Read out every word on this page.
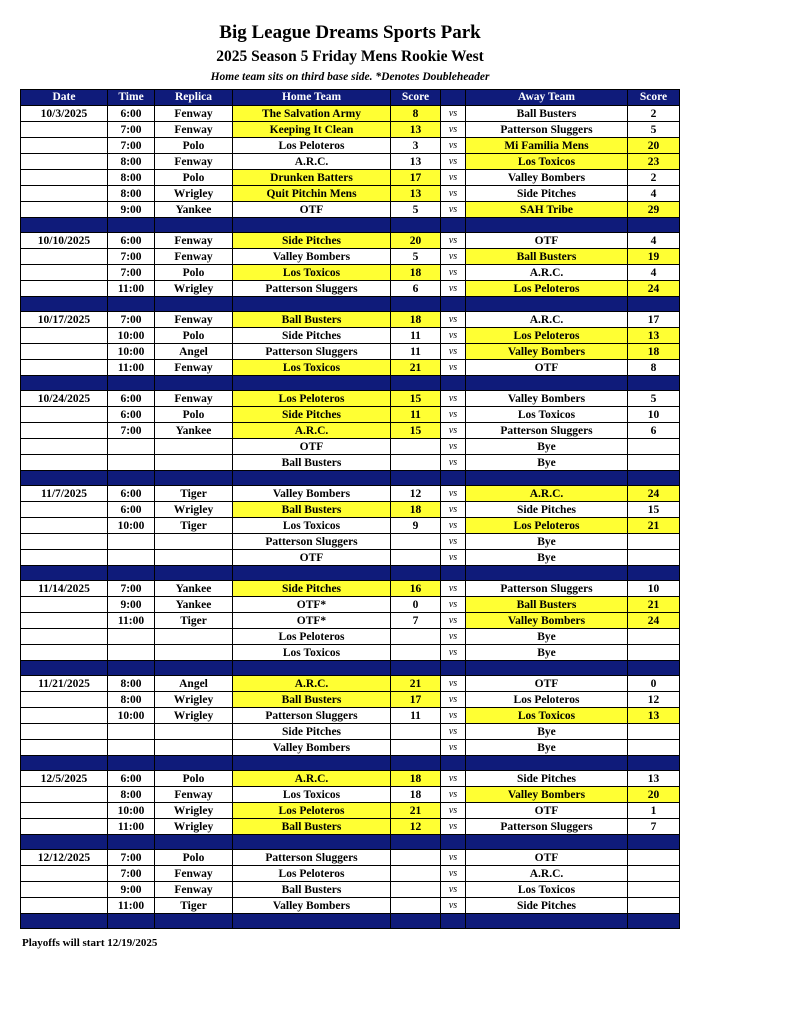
Big League Dreams Sports Park
2025 Season 5 Friday Mens Rookie West
Home team sits on third base side. *Denotes Doubleheader
Date	Time	Replica	Home Team	Score		Away Team	Score
10/3/2025	6:00	Fenway	The Salvation Army	8	vs	Ball Busters	2
	7:00	Fenway	Keeping It Clean	13	vs	Patterson Sluggers	5
	7:00	Polo	Los Peloteros	3	vs	Mi Familia Mens	20
	8:00	Fenway	A.R.C.	13	vs	Los Toxicos	23
	8:00	Polo	Drunken Batters	17	vs	Valley Bombers	2
	8:00	Wrigley	Quit Pitchin Mens	13	vs	Side Pitches	4
	9:00	Yankee	OTF	5	vs	SAH Tribe	29

10/10/2025	6:00	Fenway	Side Pitches	20	vs	OTF	4
	7:00	Fenway	Valley Bombers	5	vs	Ball Busters	19
	7:00	Polo	Los Toxicos	18	vs	A.R.C.	4
	11:00	Wrigley	Patterson Sluggers	6	vs	Los Peloteros	24

10/17/2025	7:00	Fenway	Ball Busters	18	vs	A.R.C.	17
	10:00	Polo	Side Pitches	11	vs	Los Peloteros	13
	10:00	Angel	Patterson Sluggers	11	vs	Valley Bombers	18
	11:00	Fenway	Los Toxicos	21	vs	OTF	8

10/24/2025	6:00	Fenway	Los Peloteros	15	vs	Valley Bombers	5
	6:00	Polo	Side Pitches	11	vs	Los Toxicos	10
	7:00	Yankee	A.R.C.	15	vs	Patterson Sluggers	6
			OTF		vs	Bye	
			Ball Busters		vs	Bye	

11/7/2025	6:00	Tiger	Valley Bombers	12	vs	A.R.C.	24
	6:00	Wrigley	Ball Busters	18	vs	Side Pitches	15
	10:00	Tiger	Los Toxicos	9	vs	Los Peloteros	21
			Patterson Sluggers		vs	Bye	
			OTF		vs	Bye	

11/14/2025	7:00	Yankee	Side Pitches	16	vs	Patterson Sluggers	10
	9:00	Yankee	OTF*	0	vs	Ball Busters	21
	11:00	Tiger	OTF*	7	vs	Valley Bombers	24
			Los Peloteros		vs	Bye	
			Los Toxicos		vs	Bye	

11/21/2025	8:00	Angel	A.R.C.	21	vs	OTF	0
	8:00	Wrigley	Ball Busters	17	vs	Los Peloteros	12
	10:00	Wrigley	Patterson Sluggers	11	vs	Los Toxicos	13
			Side Pitches		vs	Bye	
			Valley Bombers		vs	Bye	

12/5/2025	6:00	Polo	A.R.C.	18	vs	Side Pitches	13
	8:00	Fenway	Los Toxicos	18	vs	Valley Bombers	20
	10:00	Wrigley	Los Peloteros	21	vs	OTF	1
	11:00	Wrigley	Ball Busters	12	vs	Patterson Sluggers	7

12/12/2025	7:00	Polo	Patterson Sluggers		vs	OTF	
	7:00	Fenway	Los Peloteros		vs	A.R.C.	
	9:00	Fenway	Ball Busters		vs	Los Toxicos	
	11:00	Tiger	Valley Bombers		vs	Side Pitches	

Playoffs will start 12/19/2025
